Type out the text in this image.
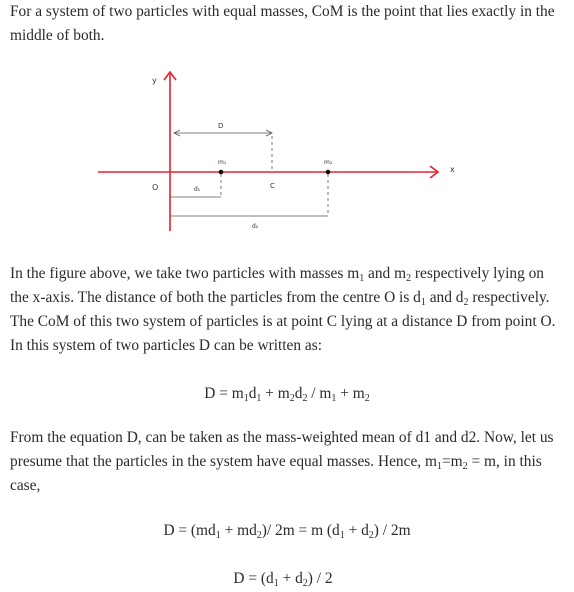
For a system of two particles with equal masses, CoM is the point that lies exactly in the middle of both.

y
x
O
D
C
m₁	m₂
d₁
d₂

In the figure above, we take two particles with masses $m_1$ and $m_2$ respectively lying on the x-axis. The distance of both the particles from the centre O is $d_1$ and $d_2$ respectively. The CoM of this two system of particles is at point C lying at a distance D from point O. In this system of two particles D can be written as:

$D = m_1d_1 + m_2d_2 / m_1 + m_2$

From the equation D, can be taken as the mass-weighted mean of d1 and d2. Now, let us presume that the particles in the system have equal masses. Hence, $m_1=m_2 = m$, in this case,

$D = (md_1 + md_2)/$ 2m = m $(d_1 + d_2) / 2m$

$D = (d_1 + d_2) / 2$
